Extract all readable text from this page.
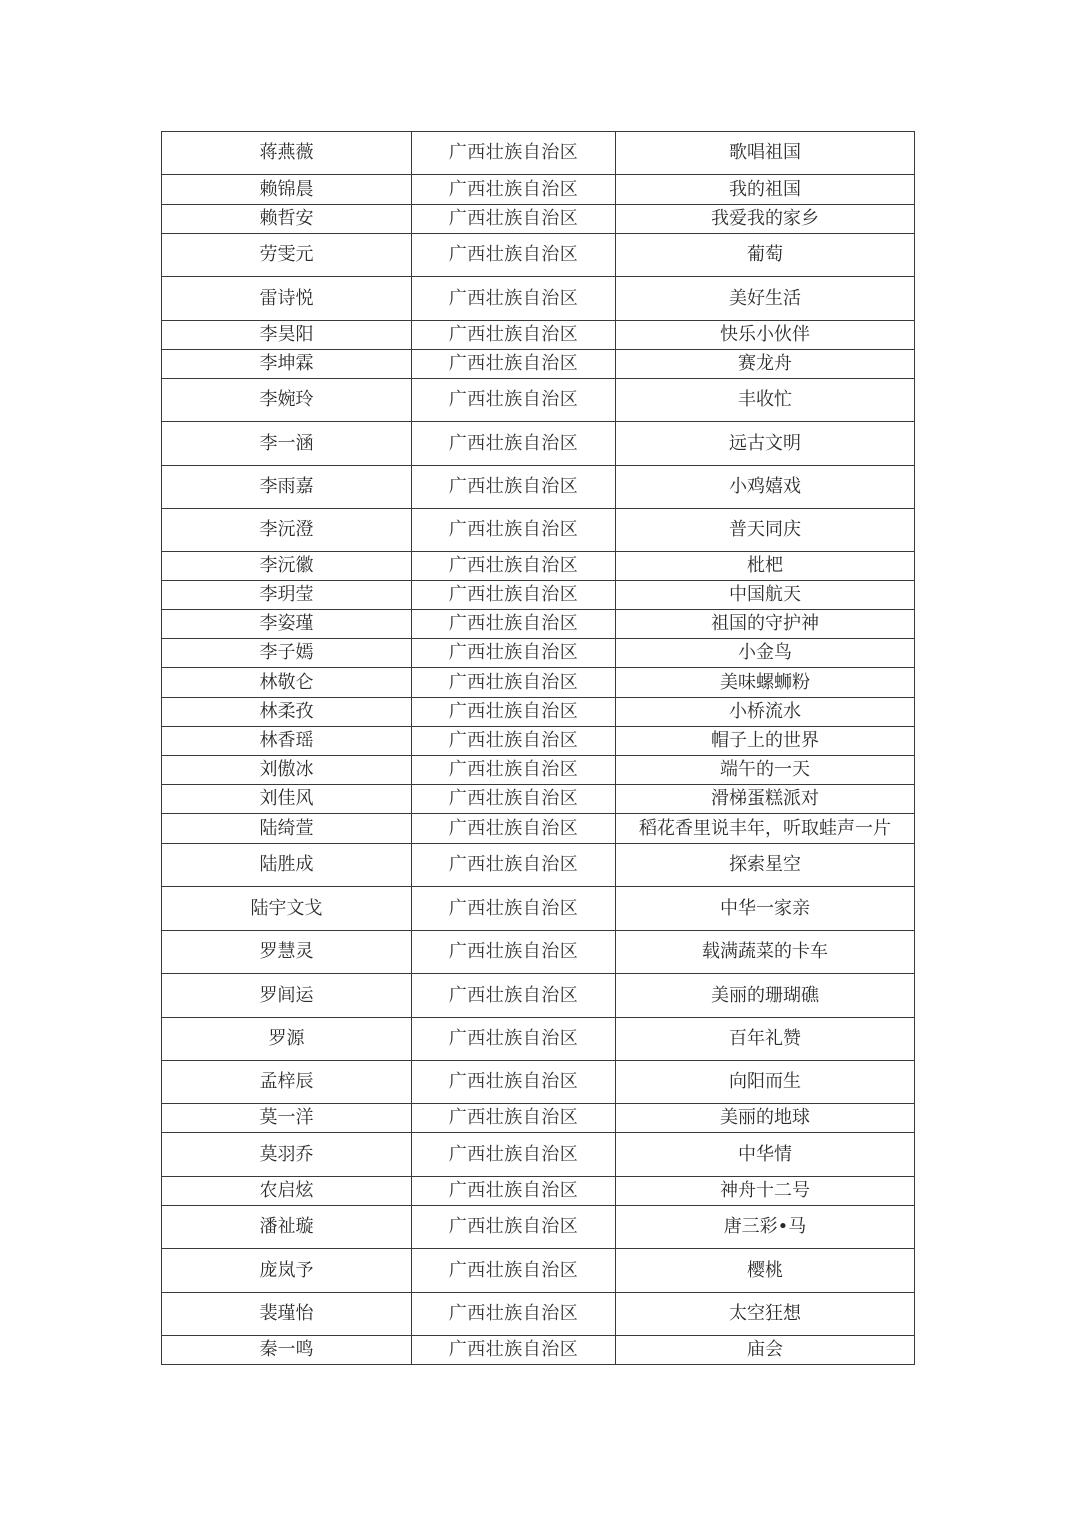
蒋燕薇	广西壮族自治区	歌唱祖国
赖锦晨	广西壮族自治区	我的祖国
赖哲安	广西壮族自治区	我爱我的家乡
劳雯元	广西壮族自治区	葡萄
雷诗悦	广西壮族自治区	美好生活
李昊阳	广西壮族自治区	快乐小伙伴
李坤霖	广西壮族自治区	赛龙舟
李婉玲	广西壮族自治区	丰收忙
李一涵	广西壮族自治区	远古文明
李雨嘉	广西壮族自治区	小鸡嬉戏
李沅澄	广西壮族自治区	普天同庆
李沅徽	广西壮族自治区	枇杷
李玥莹	广西壮族自治区	中国航天
李姿瑾	广西壮族自治区	祖国的守护神
李子嫣	广西壮族自治区	小金鸟
林敬仑	广西壮族自治区	美味螺蛳粉
林柔孜	广西壮族自治区	小桥流水
林香瑶	广西壮族自治区	帽子上的世界
刘傲冰	广西壮族自治区	端午的一天
刘佳风	广西壮族自治区	滑梯蛋糕派对
陆绮萱	广西壮族自治区	稻花香里说丰年，听取蛙声一片
陆胜成	广西壮族自治区	探索星空
陆宇文戈	广西壮族自治区	中华一家亲
罗慧灵	广西壮族自治区	载满蔬菜的卡车
罗闾运	广西壮族自治区	美丽的珊瑚礁
罗源	广西壮族自治区	百年礼赞
孟梓辰	广西壮族自治区	向阳而生
莫一洋	广西壮族自治区	美丽的地球
莫羽乔	广西壮族自治区	中华情
农启炫	广西壮族自治区	神舟十二号
潘祉璇	广西壮族自治区	唐三彩•马
庞岚予	广西壮族自治区	樱桃
裴瑾怡	广西壮族自治区	太空狂想
秦一鸣	广西壮族自治区	庙会
